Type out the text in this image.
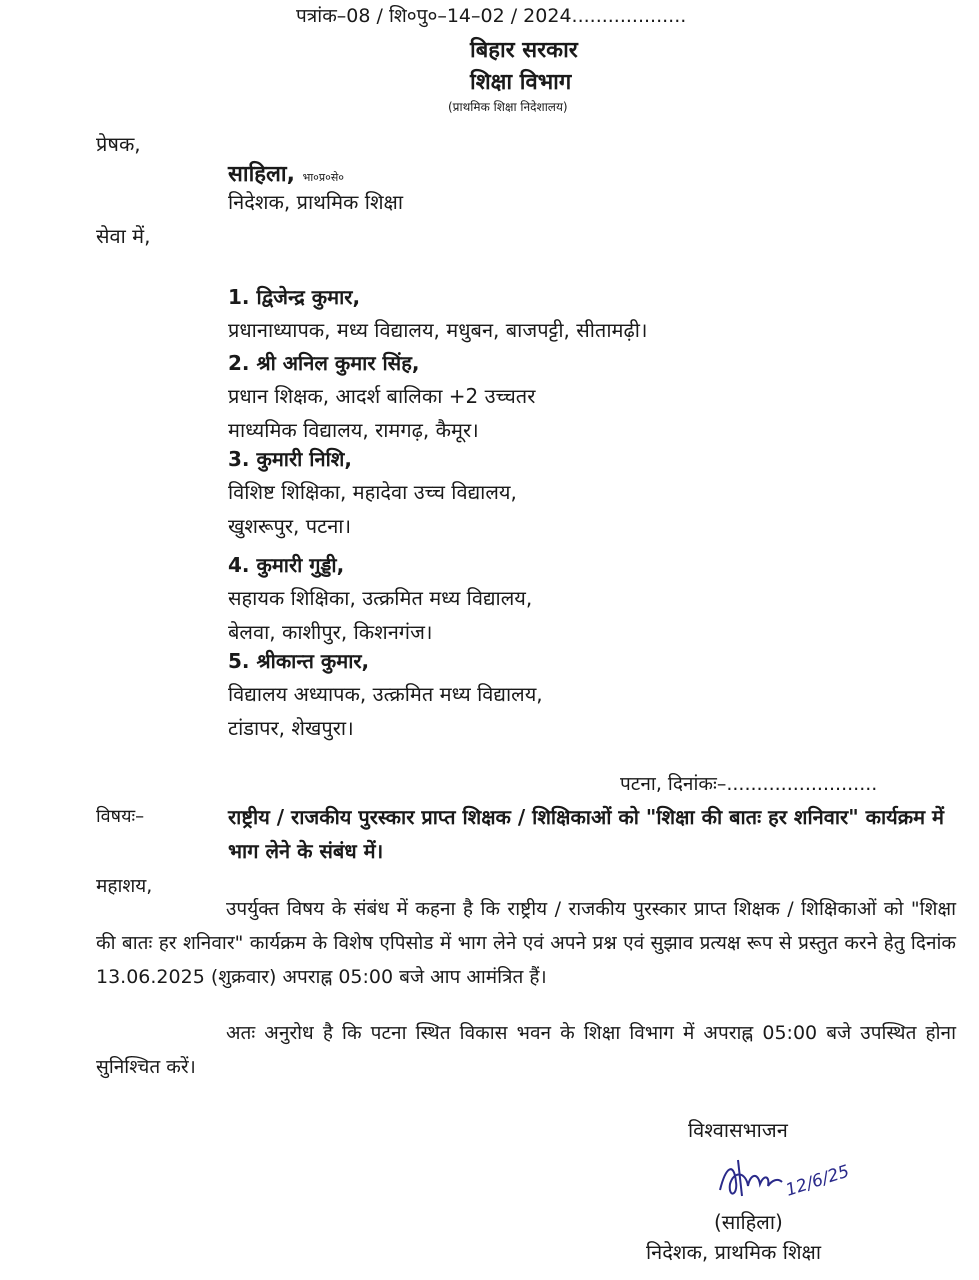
पत्रांक–08 / शि०पु०–14–02 / 2024...................
बिहार सरकार
शिक्षा विभाग
(प्राथमिक शिक्षा निदेशालय)
प्रेषक,
साहिला, भा०प्र०से०
निदेशक, प्राथमिक शिक्षा
सेवा में,
1. द्विजेन्द्र कुमार,
प्रधानाध्यापक, मध्य विद्यालय, मधुबन, बाजपट्टी, सीतामढ़ी।
2. श्री अनिल कुमार सिंह,
प्रधान शिक्षक, आदर्श बालिका +2 उच्चतर
माध्यमिक विद्यालय, रामगढ़, कैमूर।
3. कुमारी निशि,
विशिष्ट शिक्षिका, महादेवा उच्च विद्यालय,
खुशरूपुर, पटना।
4. कुमारी गुड्डी,
सहायक शिक्षिका, उत्क्रमित मध्य विद्यालय,
बेलवा, काशीपुर, किशनगंज।
5. श्रीकान्त कुमार,
विद्यालय अध्यापक, उत्क्रमित मध्य विद्यालय,
टांडापर, शेखपुरा।
पटना, दिनांकः–.........................
विषयः–	राष्ट्रीय / राजकीय पुरस्कार प्राप्त शिक्षक / शिक्षिकाओं को "शिक्षा की बातः हर शनिवार" कार्यक्रम में भाग लेने के संबंध में।
महाशय,
उपर्युक्त विषय के संबंध में कहना है कि राष्ट्रीय / राजकीय पुरस्कार प्राप्त शिक्षक / शिक्षिकाओं को "शिक्षा की बातः हर शनिवार" कार्यक्रम के विशेष एपिसोड में भाग लेने एवं अपने प्रश्न एवं सुझाव प्रत्यक्ष रूप से प्रस्तुत करने हेतु दिनांक 13.06.2025 (शुक्रवार) अपराह्न 05:00 बजे आप आमंत्रित हैं।
अतः अनुरोध है कि पटना स्थित विकास भवन के शिक्षा विभाग में अपराह्न 05:00 बजे उपस्थित होना सुनिश्चित करें।
विश्वासभाजन
12/6/25
(साहिला)
निदेशक, प्राथमिक शिक्षा
